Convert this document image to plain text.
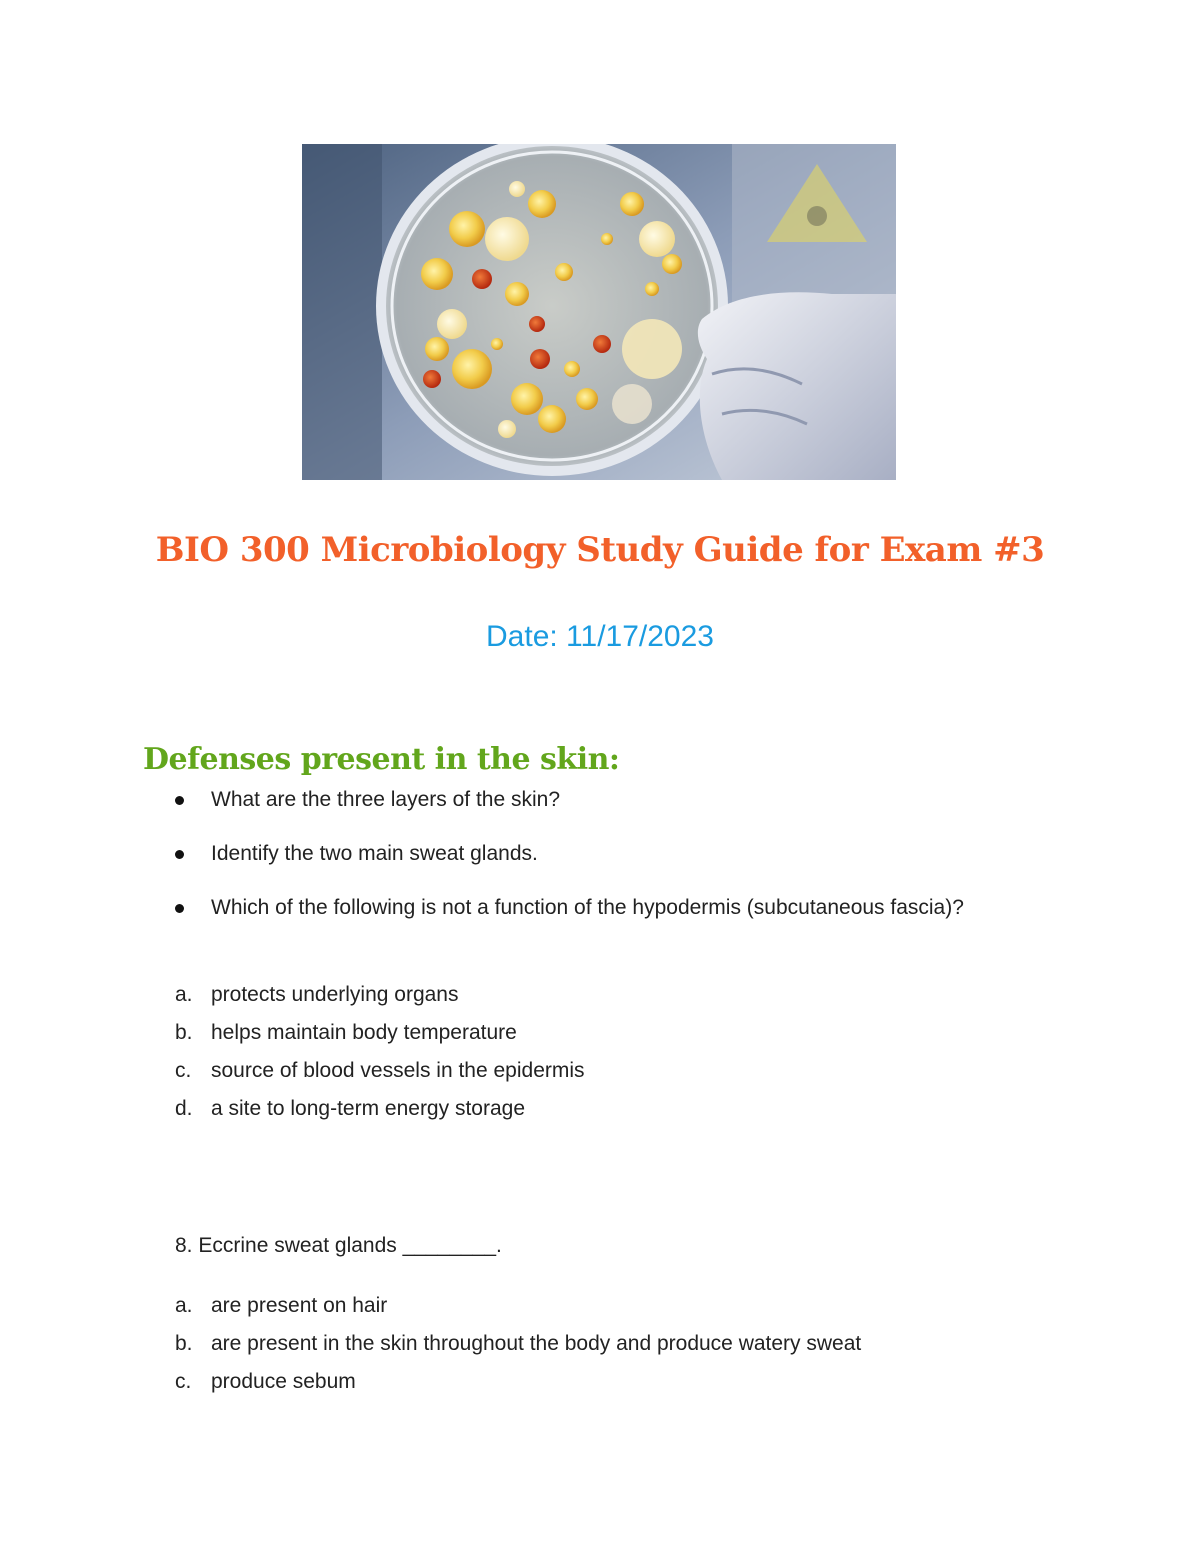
BIO 300 Microbiology Study Guide for Exam #3

Date: 11/17/2023

Defenses present in the skin:
What are the three layers of the skin?
Identify the two main sweat glands.
Which of the following is not a function of the hypodermis (subcutaneous fascia)?
a. protects underlying organs
b. helps maintain body temperature
c. source of blood vessels in the epidermis
d. a site to long-term energy storage

8. Eccrine sweat glands ________.

a. are present on hair
b. are present in the skin throughout the body and produce watery sweat
c. produce sebum
